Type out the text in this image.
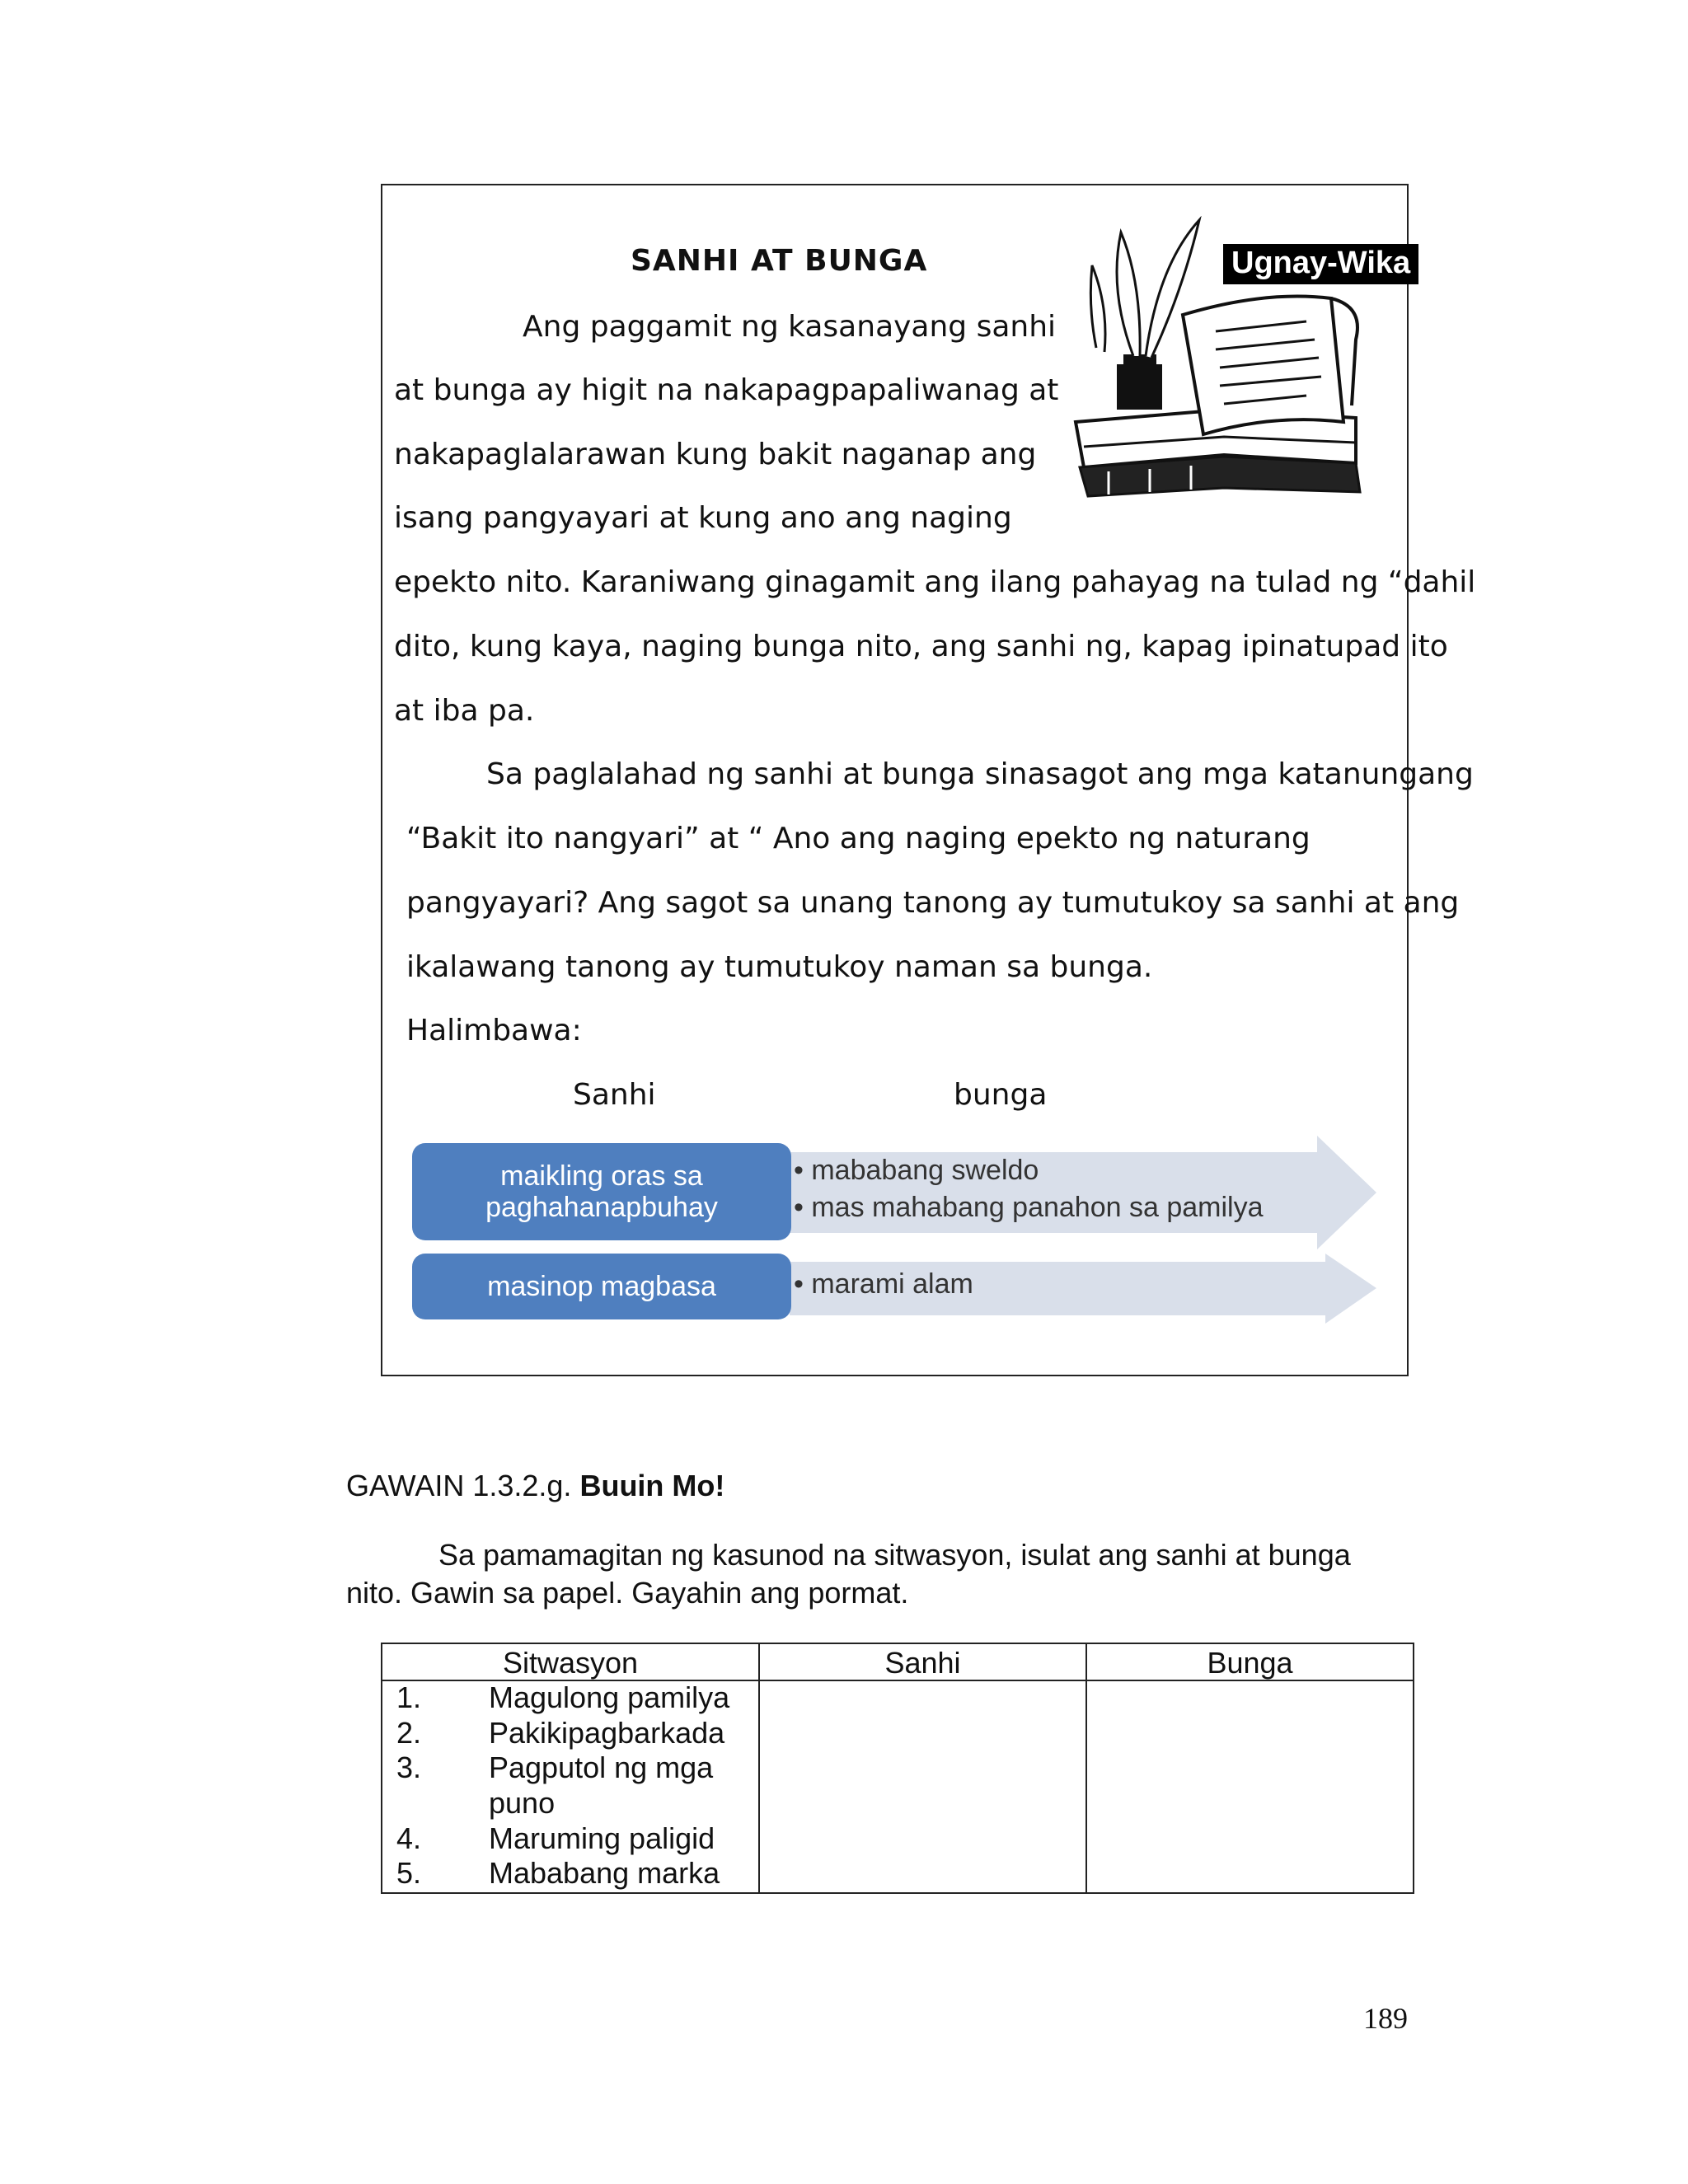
SANHI AT BUNGA	Ugnay-Wika
Ang paggamit ng kasanayang sanhi
at bunga ay higit na nakapagpapaliwanag at
nakapaglalarawan kung bakit naganap ang
isang pangyayari at kung ano ang naging
epekto nito. Karaniwang ginagamit ang ilang pahayag na tulad ng “dahil
dito, kung kaya, naging bunga nito, ang sanhi ng, kapag ipinatupad ito
at iba pa.
Sa paglalahad ng sanhi at bunga sinasagot ang mga katanungang
“Bakit ito nangyari” at “ Ano ang naging epekto ng naturang
pangyayari? Ang sagot sa unang tanong ay tumutukoy sa sanhi at ang
ikalawang tanong ay tumutukoy naman sa bunga.
Halimbawa:
Sanhi	bunga
maikling oras sa
paghahanapbuhay
masinop magbasa
• mababang sweldo
• mas mahabang panahon sa pamilya
• marami alam
GAWAIN 1.3.2.g. Buuin Mo!
Sa pamamagitan ng kasunod na sitwasyon, isulat ang sanhi at bunga
nito. Gawin sa papel. Gayahin ang pormat.
Sitwasyon	Sanhi	Bunga
1. Magulong pamilya
2. Pakikipagbarkada
3. Pagputol ng mga
puno
4. Maruming paligid
5. Mababang marka
189
